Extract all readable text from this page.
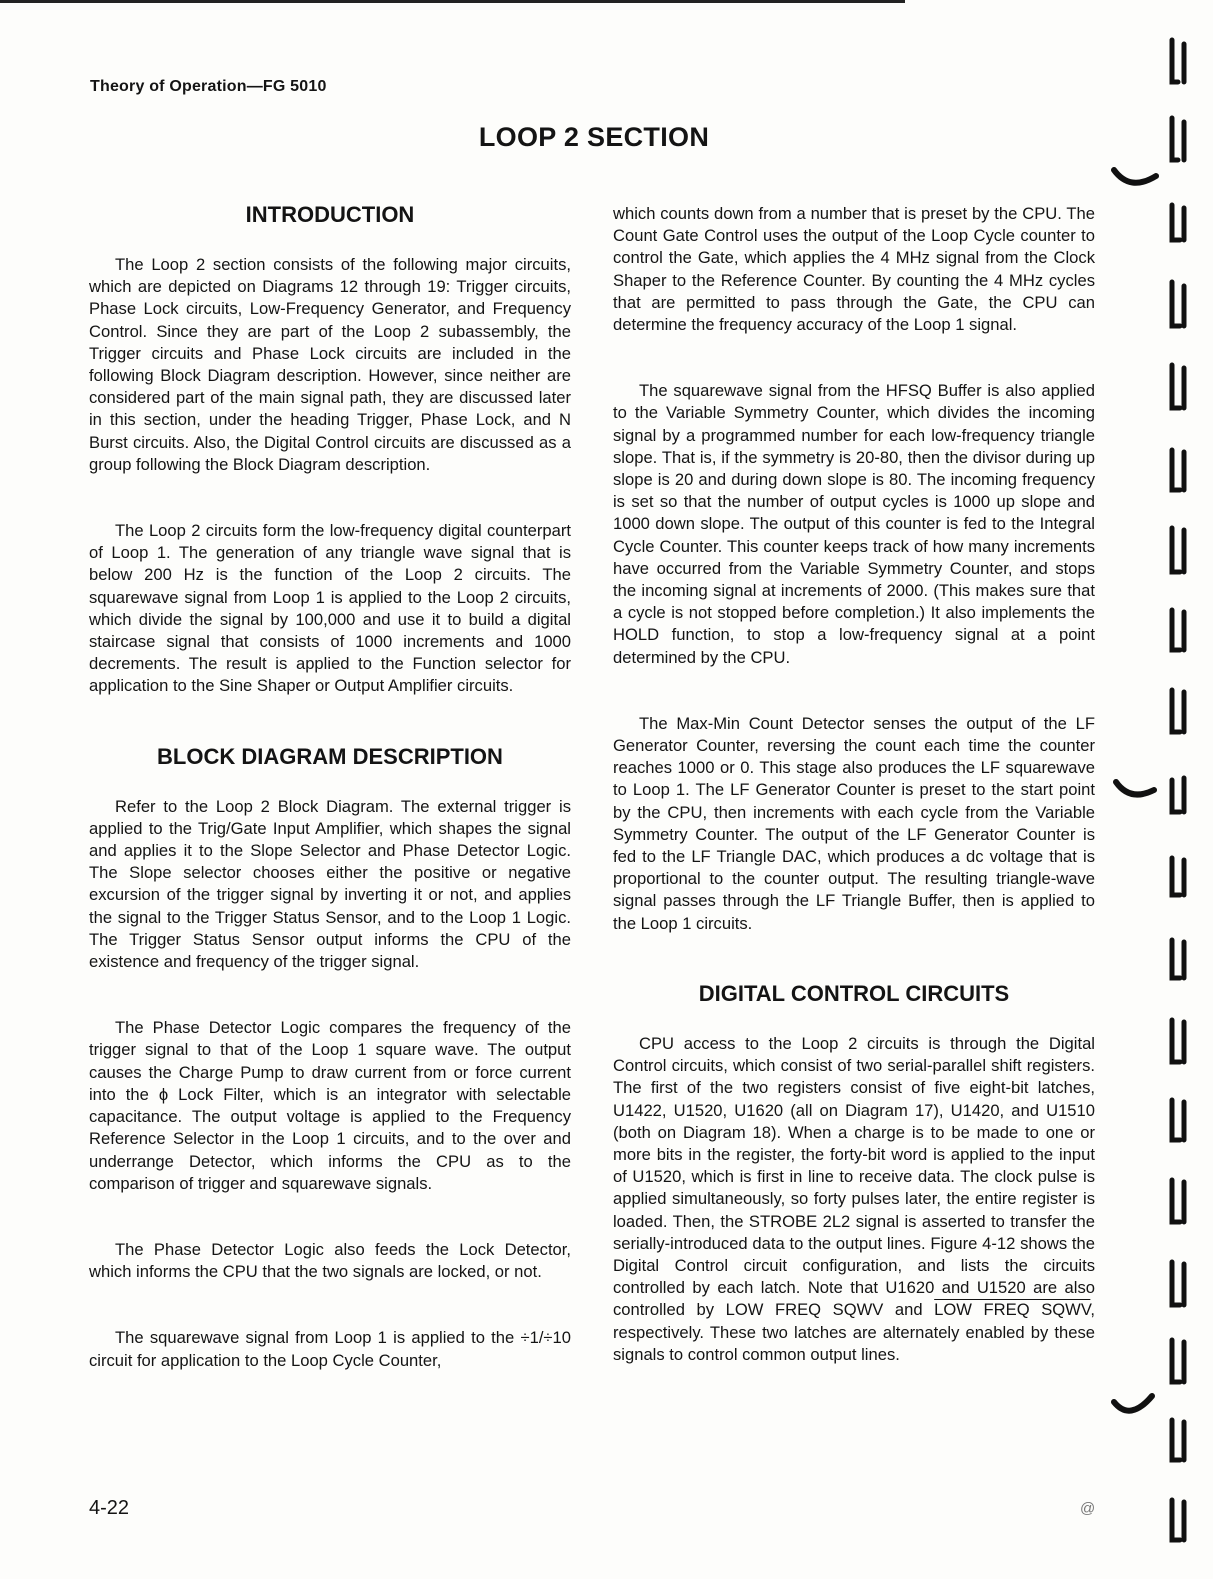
Theory of Operation—FG 5010
LOOP 2 SECTION
INTRODUCTION

The Loop 2 section consists of the following major circuits, which are depicted on Diagrams 12 through 19: Trigger circuits, Phase Lock circuits, Low-Frequency Generator, and Frequency Control. Since they are part of the Loop 2 subassembly, the Trigger circuits and Phase Lock circuits are included in the following Block Diagram description. However, since neither are considered part of the main signal path, they are discussed later in this section, under the heading Trigger, Phase Lock, and N Burst circuits. Also, the Digital Control circuits are discussed as a group following the Block Diagram description.

The Loop 2 circuits form the low-frequency digital counterpart of Loop 1. The generation of any triangle wave signal that is below 200 Hz is the function of the Loop 2 circuits. The squarewave signal from Loop 1 is applied to the Loop 2 circuits, which divide the signal by 100,000 and use it to build a digital staircase signal that consists of 1000 increments and 1000 decrements. The result is applied to the Function selector for application to the Sine Shaper or Output Amplifier circuits.

BLOCK DIAGRAM DESCRIPTION

Refer to the Loop 2 Block Diagram. The external trigger is applied to the Trig/Gate Input Amplifier, which shapes the signal and applies it to the Slope Selector and Phase Detector Logic. The Slope selector chooses either the positive or negative excursion of the trigger signal by inverting it or not, and applies the signal to the Trigger Status Sensor, and to the Loop 1 Logic. The Trigger Status Sensor output informs the CPU of the existence and frequency of the trigger signal.

The Phase Detector Logic compares the frequency of the trigger signal to that of the Loop 1 square wave. The output causes the Charge Pump to draw current from or force current into the ϕ Lock Filter, which is an integrator with selectable capacitance. The output voltage is applied to the Frequency Reference Selector in the Loop 1 circuits, and to the over and underrange Detector, which informs the CPU as to the comparison of trigger and squarewave signals.

The Phase Detector Logic also feeds the Lock Detector, which informs the CPU that the two signals are locked, or not.

The squarewave signal from Loop 1 is applied to the ÷1/÷10 circuit for application to the Loop Cycle Counter,

which counts down from a number that is preset by the CPU. The Count Gate Control uses the output of the Loop Cycle counter to control the Gate, which applies the 4 MHz signal from the Clock Shaper to the Reference Counter. By counting the 4 MHz cycles that are permitted to pass through the Gate, the CPU can determine the frequency accuracy of the Loop 1 signal.

The squarewave signal from the HFSQ Buffer is also applied to the Variable Symmetry Counter, which divides the incoming signal by a programmed number for each low-frequency triangle slope. That is, if the symmetry is 20-80, then the divisor during up slope is 20 and during down slope is 80. The incoming frequency is set so that the number of output cycles is 1000 up slope and 1000 down slope. The output of this counter is fed to the Integral Cycle Counter. This counter keeps track of how many increments have occurred from the Variable Symmetry Counter, and stops the incoming signal at increments of 2000. (This makes sure that a cycle is not stopped before completion.) It also implements the HOLD function, to stop a low-frequency signal at a point determined by the CPU.

The Max-Min Count Detector senses the output of the LF Generator Counter, reversing the count each time the counter reaches 1000 or 0. This stage also produces the LF squarewave to Loop 1. The LF Generator Counter is preset to the start point by the CPU, then increments with each cycle from the Variable Symmetry Counter. The output of the LF Generator Counter is fed to the LF Triangle DAC, which produces a dc voltage that is proportional to the counter output. The resulting triangle-wave signal passes through the LF Triangle Buffer, then is applied to the Loop 1 circuits.

DIGITAL CONTROL CIRCUITS

CPU access to the Loop 2 circuits is through the Digital Control circuits, which consist of two serial-parallel shift registers. The first of the two registers consist of five eight-bit latches, U1422, U1520, U1620 (all on Diagram 17), U1420, and U1510 (both on Diagram 18). When a charge is to be made to one or more bits in the register, the forty-bit word is applied to the input of U1520, which is first in line to receive data. The clock pulse is applied simultaneously, so forty pulses later, the entire register is loaded. Then, the STROBE 2L2 signal is asserted to transfer the serially-introduced data to the output lines. Figure 4-12 shows the Digital Control circuit configuration, and lists the circuits controlled by each latch. Note that U1620 and U1520 are also controlled by LOW FREQ SQWV and LOW FREQ SQWV, respectively. These two latches are alternately enabled by these signals to control common output lines.

4-22	@
